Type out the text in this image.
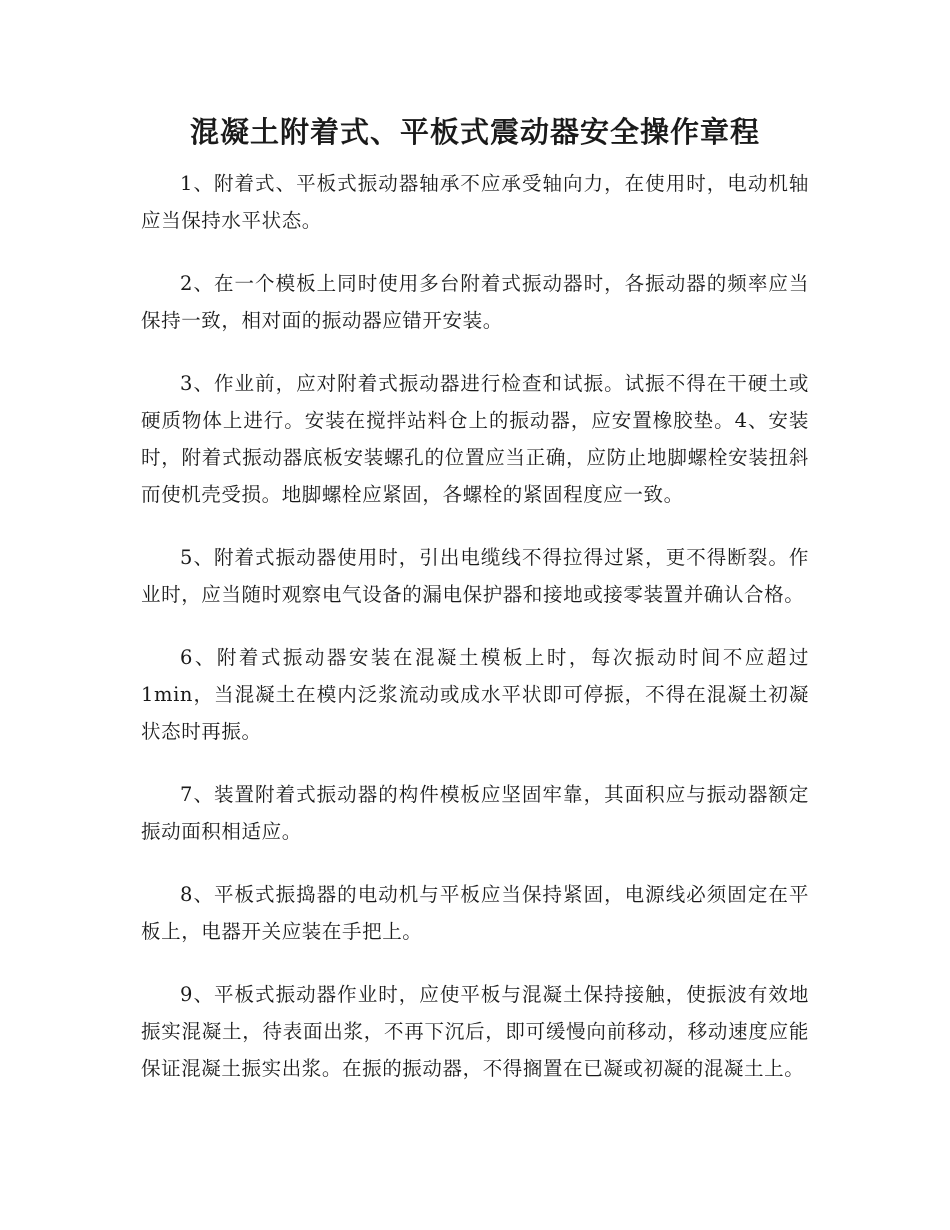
混凝土附着式、平板式震动器安全操作章程

1、附着式、平板式振动器轴承不应承受轴向力，在使用时，电动机轴应当保持水平状态。

2、在一个模板上同时使用多台附着式振动器时，各振动器的频率应当保持一致，相对面的振动器应错开安装。

3、作业前，应对附着式振动器进行检查和试振。试振不得在干硬土或硬质物体上进行。安装在搅拌站料仓上的振动器，应安置橡胶垫。4、安装时，附着式振动器底板安装螺孔的位置应当正确，应防止地脚螺栓安装扭斜而使机壳受损。地脚螺栓应紧固，各螺栓的紧固程度应一致。

5、附着式振动器使用时，引出电缆线不得拉得过紧，更不得断裂。作业时，应当随时观察电气设备的漏电保护器和接地或接零装置并确认合格。

6、附着式振动器安装在混凝土模板上时，每次振动时间不应超过1min，当混凝土在模内泛浆流动或成水平状即可停振，不得在混凝土初凝状态时再振。

7、装置附着式振动器的构件模板应坚固牢靠，其面积应与振动器额定振动面积相适应。

8、平板式振捣器的电动机与平板应当保持紧固，电源线必须固定在平板上，电器开关应装在手把上。

9、平板式振动器作业时，应使平板与混凝土保持接触，使振波有效地振实混凝土，待表面出浆，不再下沉后，即可缓慢向前移动，移动速度应能保证混凝土振实出浆。在振的振动器，不得搁置在已凝或初凝的混凝土上。
